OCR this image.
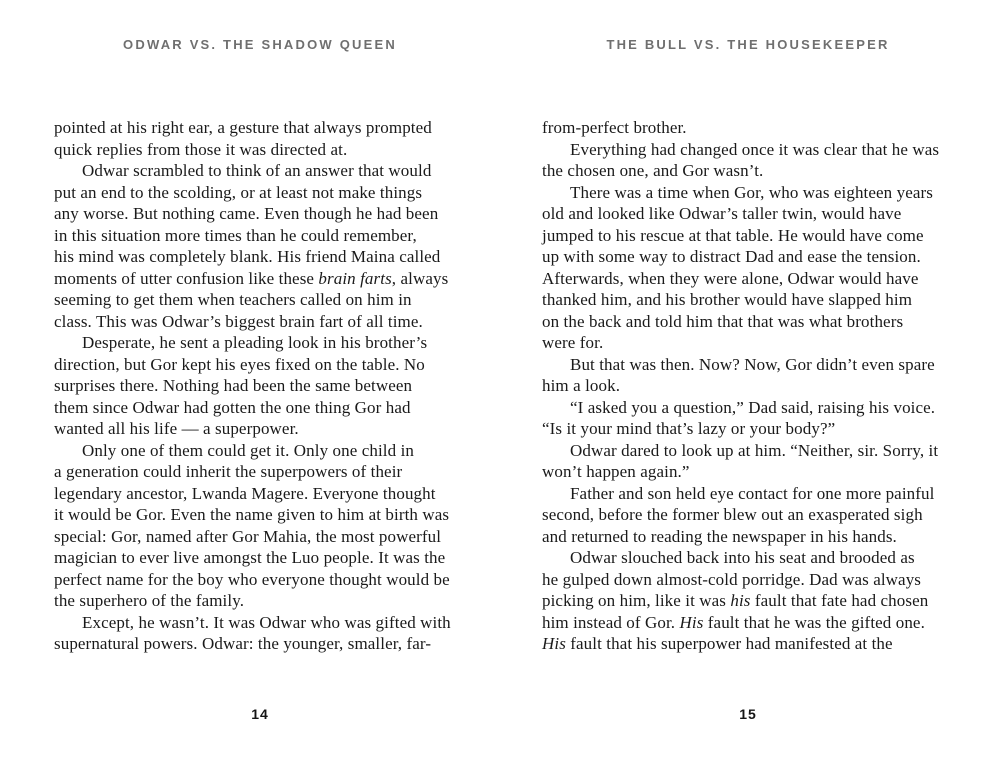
ODWAR VS. THE SHADOW QUEEN
pointed at his right ear, a gesture that always prompted
quick replies from those it was directed at.
Odwar scrambled to think of an answer that would
put an end to the scolding, or at least not make things
any worse. But nothing came. Even though he had been
in this situation more times than he could remember,
his mind was completely blank. His friend Maina called
moments of utter confusion like these brain farts, always
seeming to get them when teachers called on him in
class. This was Odwar’s biggest brain fart of all time.
Desperate, he sent a pleading look in his brother’s
direction, but Gor kept his eyes fixed on the table. No
surprises there. Nothing had been the same between
them since Odwar had gotten the one thing Gor had
wanted all his life — a superpower.
Only one of them could get it. Only one child in
a generation could inherit the superpowers of their
legendary ancestor, Lwanda Magere. Everyone thought
it would be Gor. Even the name given to him at birth was
special: Gor, named after Gor Mahia, the most powerful
magician to ever live amongst the Luo people. It was the
perfect name for the boy who everyone thought would be
the superhero of the family.
Except, he wasn’t. It was Odwar who was gifted with
supernatural powers. Odwar: the younger, smaller, far-
14
THE BULL VS. THE HOUSEKEEPER
from-perfect brother.
Everything had changed once it was clear that he was
the chosen one, and Gor wasn’t.
There was a time when Gor, who was eighteen years
old and looked like Odwar’s taller twin, would have
jumped to his rescue at that table. He would have come
up with some way to distract Dad and ease the tension.
Afterwards, when they were alone, Odwar would have
thanked him, and his brother would have slapped him
on the back and told him that that was what brothers
were for.
But that was then. Now? Now, Gor didn’t even spare
him a look.
“I asked you a question,” Dad said, raising his voice.
“Is it your mind that’s lazy or your body?”
Odwar dared to look up at him. “Neither, sir. Sorry, it
won’t happen again.”
Father and son held eye contact for one more painful
second, before the former blew out an exasperated sigh
and returned to reading the newspaper in his hands.
Odwar slouched back into his seat and brooded as
he gulped down almost-cold porridge. Dad was always
picking on him, like it was his fault that fate had chosen
him instead of Gor. His fault that he was the gifted one.
His fault that his superpower had manifested at the
15
